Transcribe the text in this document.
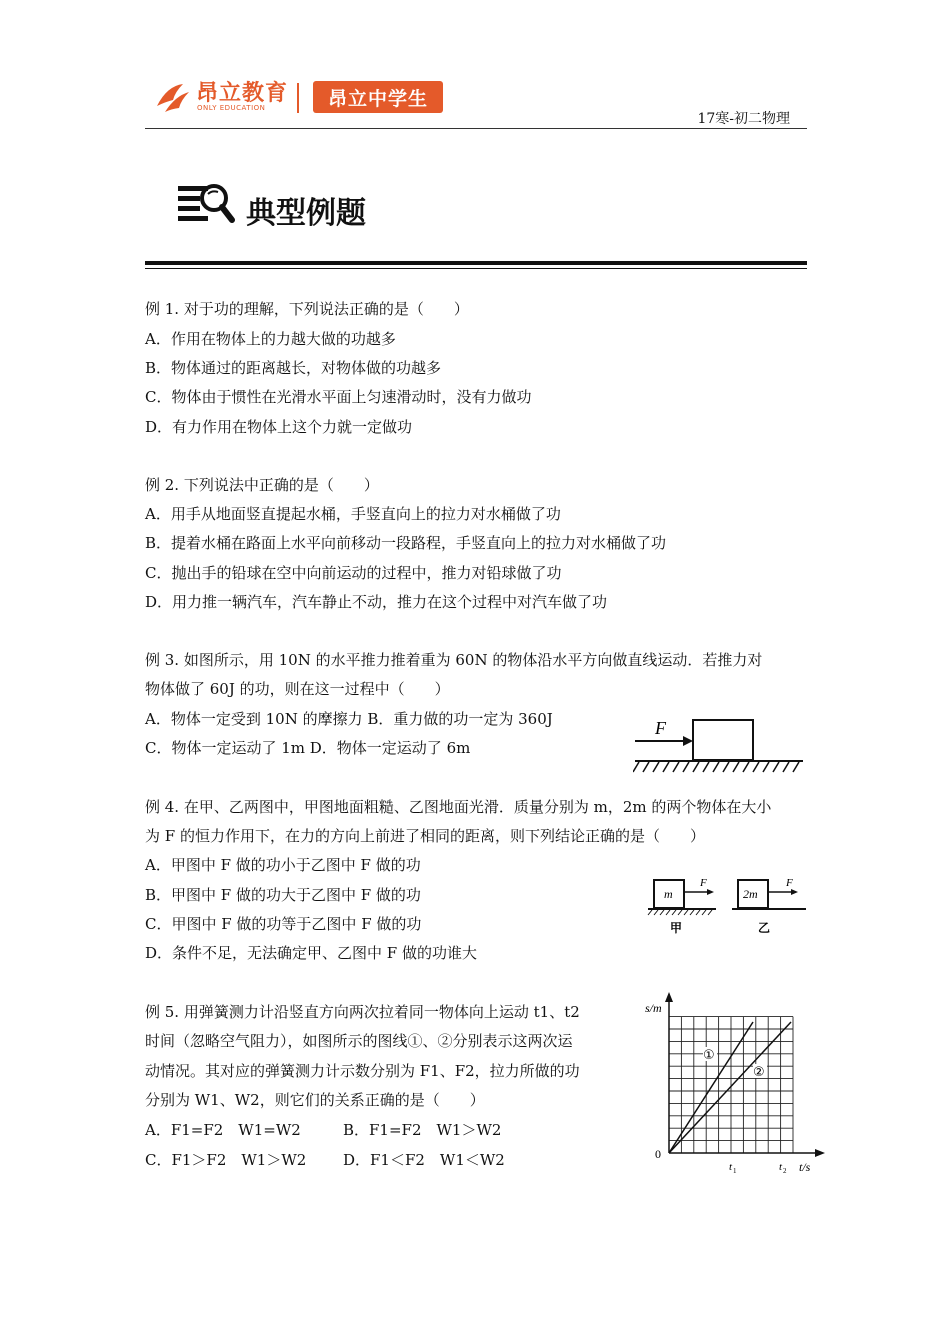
昂立教育
ONLY EDUCATION	昂立中学生
17寒-初二物理
典型例题
例 1. 对于功的理解，下列说法正确的是（　　）
A．作用在物体上的力越大做的功越多
B．物体通过的距离越长，对物体做的功越多
C．物体由于惯性在光滑水平面上匀速滑动时，没有力做功
D．有力作用在物体上这个力就一定做功
例 2. 下列说法中正确的是（　　）
A．用手从地面竖直提起水桶，手竖直向上的拉力对水桶做了功
B．提着水桶在路面上水平向前移动一段路程，手竖直向上的拉力对水桶做了功
C．抛出手的铅球在空中向前运动的过程中，推力对铅球做了功
D．用力推一辆汽车，汽车静止不动，推力在这个过程中对汽车做了功
例 3. 如图所示，用 10N 的水平推力推着重为 60N 的物体沿水平方向做直线运动．若推力对
物体做了 60J 的功，则在这一过程中（　　）
A．物体一定受到 10N 的摩擦力 B．重力做的功一定为 360J
C．物体一定运动了 1m D．物体一定运动了 6m
F
例 4. 在甲、乙两图中，甲图地面粗糙、乙图地面光滑．质量分别为 m，2m 的两个物体在大小
为 F 的恒力作用下，在力的方向上前进了相同的距离，则下列结论正确的是（　　）
A．甲图中 F 做的功小于乙图中 F 做的功
B．甲图中 F 做的功大于乙图中 F 做的功
C．甲图中 F 做的功等于乙图中 F 做的功
D．条件不足，无法确定甲、乙图中 F 做的功谁大
m
F
甲
2m
F
乙
例 5. 用弹簧测力计沿竖直方向两次拉着同一物体向上运动 t1、t2
时间（忽略空气阻力），如图所示的图线①、②分别表示这两次运
动情况。其对应的弹簧测力计示数分别为 F1、F2，拉力所做的功
分别为 W1、W2，则它们的关系正确的是（　　）
A．F1=F2　W1=W2	B．F1=F2　W1＞W2
C．F1＞F2　W1＞W2 D．F1＜F2　W1＜W2
①
②
s/m
t/s
0
t 1	t 2
